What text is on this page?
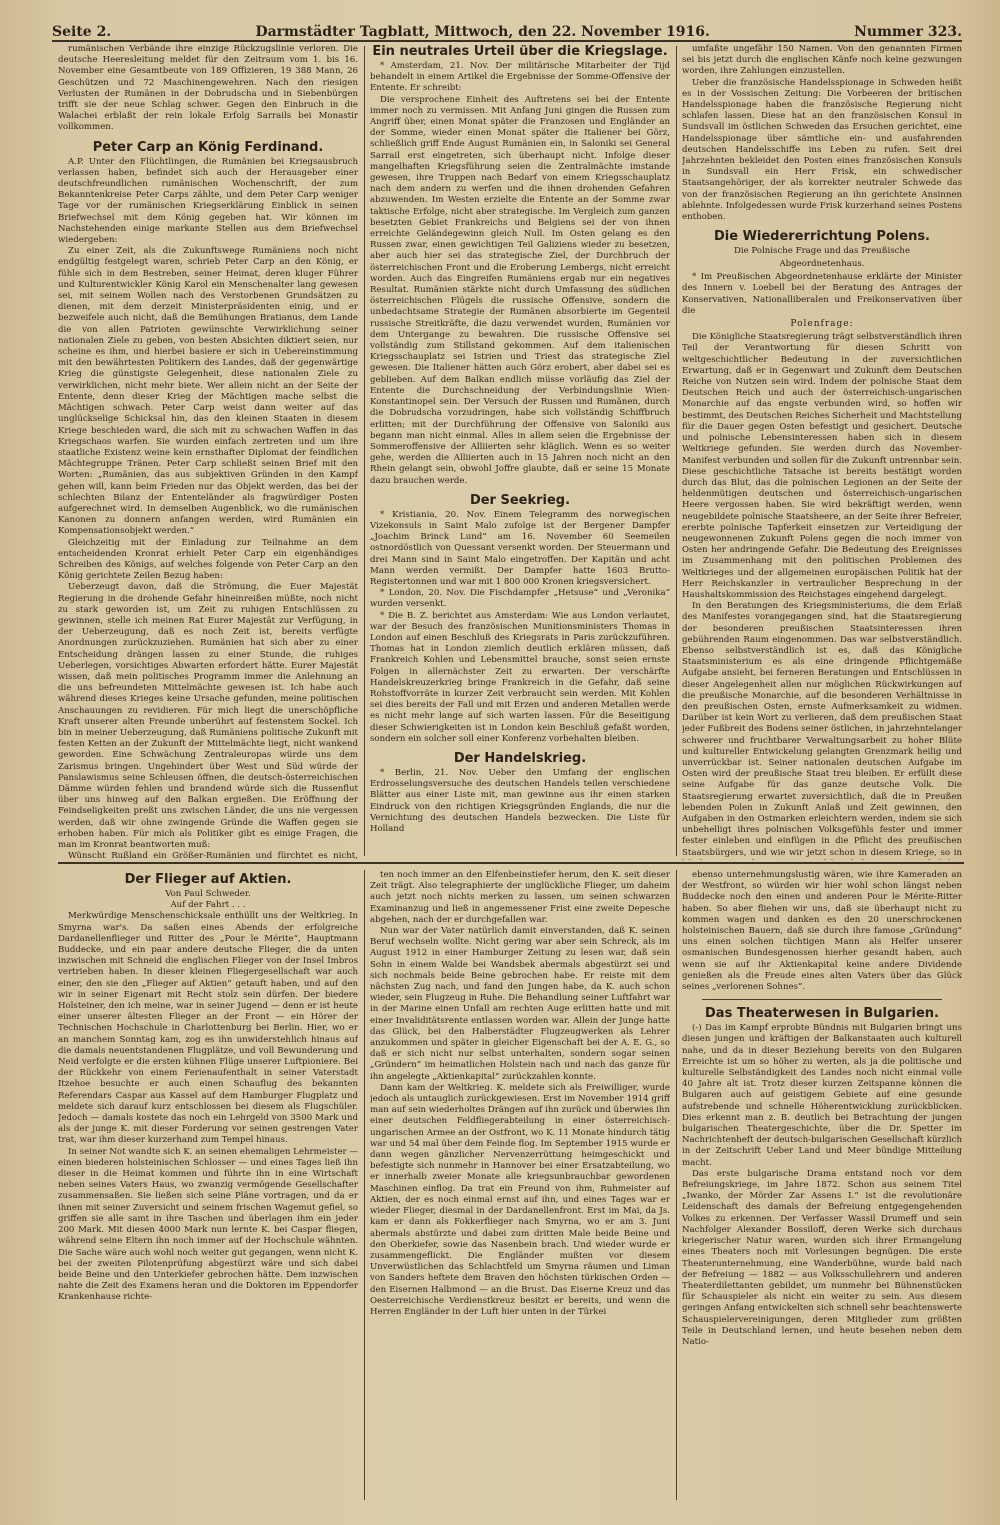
Seite 2.	Darmstädter Tagblatt, Mittwoch, den 22. November 1916.	Nummer 323.

rumänischen Verbände ihre einzige Rückzugslinie verloren. Die deutsche Heeresleitung meldet für den Zeitraum vom 1. bis 16. November eine Gesamtbeute von 189 Offizieren, 19 388 Mann, 26 Geschützen und 72 Maschinengewehren. Nach den riesigen Verlusten der Rumänen in der Dobrudscha und in Siebenbürgen trifft sie der neue Schlag schwer. Gegen den Einbruch in die Walachei erblaßt der rein lokale Erfolg Sarrails bei Monastir vollkommen.

Peter Carp an König Ferdinand.

A.P. Unter den Flüchtlingen, die Rumänien bei Kriegsausbruch verlassen haben, befindet sich auch der Herausgeber einer deutschfreundlichen rumänischen Wochenschrift, der zum Bekanntenkreise Peter Carps zählte, und dem Peter Carp weniger Tage vor der rumänischen Kriegserklärung Einblick in seinen Briefwechsel mit dem König gegeben hat. Wir können im Nachstehenden einige markante Stellen aus dem Briefwechsel wiedergeben:

Zu einer Zeit, als die Zukunftswege Rumäniens noch nicht endgültig festgelegt waren, schrieb Peter Carp an den König, er fühle sich in dem Bestreben, seiner Heimat, deren kluger Führer und Kulturentwickler König Karol ein Menschenalter lang gewesen sei, mit seinem Wollen nach des Verstorbenen Grundsätzen zu dienen, mit dem derzeit Ministerpräsidenten einig, und er bezweifele auch nicht, daß die Bemühungen Bratianus, dem Lande die von allen Patrioten gewünschte Verwirklichung seiner nationalen Ziele zu geben, von besten Absichten diktiert seien, nur scheine es ihm, und hierbei basiere er sich in Uebereinstimmung mit den bewährtesten Politikern des Landes, daß der gegenwärtige Krieg die günstigste Gelegenheit, diese nationalen Ziele zu verwirklichen, nicht mehr biete. Wer allein nicht an der Seite der Entente, denn dieser Krieg der Mächtigen mache selbst die Mächtigen schwach. Peter Carp weist dann weiter auf das unglückselige Schicksal hin, das den kleinen Staaten in diesem Kriege beschieden ward, die sich mit zu schwachen Waffen in das Kriegschaos warfen. Sie wurden einfach zertreten und um ihre staatliche Existenz weine kein ernsthafter Diplomat der feindlichen Mächtegruppe Tränen. Peter Carp schließt seinen Brief mit den Worten: „Rumänien, das aus subjektiven Gründen in den Kampf gehen will, kann beim Frieden nur das Objekt werden, das bei der schlechten Bilanz der Ententeländer als fragwürdiger Posten aufgerechnet wird. In demselben Augenblick, wo die rumänischen Kanonen zu donnern anfangen werden, wird Rumänien ein Kompensationsobjekt werden.“

Gleichzeitig mit der Einladung zur Teilnahme an dem entscheidenden Kronrat erhielt Peter Carp ein eigenhändiges Schreiben des Königs, auf welches folgende von Peter Carp an den König gerichtete Zeilen Bezug haben:

Ueberzeugt davon, daß die Strömung, die Euer Majestät Regierung in die drohende Gefahr hineinreißen müßte, noch nicht zu stark geworden ist, um Zeit zu ruhigen Entschlüssen zu gewinnen, stelle ich meinen Rat Eurer Majestät zur Verfügung, in der Ueberzeugung, daß es noch Zeit ist, bereits verfügte Anordnungen zurückzuziehen. Rumänien hat sich aber zu einer Entscheidung drängen lassen zu einer Stunde, die ruhiges Ueberlegen, vorsichtiges Abwarten erfordert hätte. Eurer Majestät wissen, daß mein politisches Programm immer die Anlehnung an die uns befreundeten Mittelmächte gewesen ist. Ich habe auch während dieses Krieges keine Ursache gefunden, meine politischen Anschauungen zu revidieren. Für mich liegt die unerschöpfliche Kraft unserer alten Freunde unberührt auf festenstem Sockel. Ich bin in meiner Ueberzeugung, daß Rumäniens politische Zukunft mit festen Ketten an der Zukunft der Mittelmächte liegt, nicht wankend geworden. Eine Schwächung Zentraleuropas würde uns dem Zarismus bringen. Ungehindert über West und Süd würde der Panslawismus seine Schleusen öffnen, die deutsch-österreichischen Dämme würden fehlen und brandend würde sich die Russenflut über uns hinweg auf den Balkan ergießen. Die Eröffnung der Feindseligkeiten preßt uns zwischen Länder, die uns nie vergessen werden, daß wir ohne zwingende Gründe die Waffen gegen sie erhoben haben. Für mich als Politiker gibt es einige Fragen, die man im Kronrat beantworten muß:

Wünscht Rußland ein Größer-Rumänien und fürchtet es nicht,

Ein neutrales Urteil über die Kriegslage.

* Amsterdam, 21. Nov. Der militärische Mitarbeiter der Tijd behandelt in einem Artikel die Ergebnisse der Somme-Offensive der Entente. Er schreibt:

Die versprochene Einheit des Auftretens sei bei der Entente immer noch zu vermissen. Mit Anfang Juni gingen die Russen zum Angriff über, einen Monat später die Franzosen und Engländer an der Somme, wieder einen Monat später die Italiener bei Görz, schließlich griff Ende August Rumänien ein, in Saloniki sei General Sarrail erst eingetreten, sich überhaupt nicht. Infolge dieser mangelhaften Kriegsführung seien die Zentralmächte imstande gewesen, ihre Truppen nach Bedarf von einem Kriegsschauplatz nach dem andern zu werfen und die ihnen drohenden Gefahren abzuwenden. Im Westen erzielte die Entente an der Somme zwar taktische Erfolge, nicht aber strategische. Im Vergleich zum ganzen besetzten Gebiet Frankreichs und Belgiens sei der von ihnen erreichte Geländegewinn gleich Null. Im Osten gelang es den Russen zwar, einen gewichtigen Teil Galiziens wieder zu besetzen, aber auch hier sei das strategische Ziel, der Durchbruch der österreichischen Front und die Eroberung Lembergs, nicht erreicht worden. Auch das Eingreifen Rumäniens ergab nur ein negatives Resultat. Rumänien stärkte nicht durch Umfassung des südlichen österreichischen Flügels die russische Offensive, sondern die unbedachtsame Strategie der Rumänen absorbierte im Gegenteil russische Streitkräfte, die dazu verwendet wurden, Rumänien vor dem Untergange zu bewahren. Die russische Offensive sei vollständig zum Stillstand gekommen. Auf dem italienischen Kriegsschauplatz sei Istrien und Triest das strategische Ziel gewesen. Die Italiener hätten auch Görz erobert, aber dabei sei es geblieben. Auf dem Balkan endlich müsse vorläufig das Ziel der Entente die Durchschneidung der Verbindungslinie Wien-Konstantinopel sein. Der Versuch der Russen und Rumänen, durch die Dobrudscha vorzudringen, habe sich vollständig Schiffbruch erlitten; mit der Durchführung der Offensive von Saloniki aus begann man nicht einmal. Alles in allem seien die Ergebnisse der Sommeroffensive der Alliierten sehr kläglich. Wenn es so weiter gehe, werden die Alliierten auch in 15 Jahren noch nicht an den Rhein gelangt sein, obwohl Joffre glaubte, daß er seine 15 Monate dazu brauchen werde.

Der Seekrieg.

* Kristiania, 20. Nov. Einem Telegramm des norwegischen Vizekonsuls in Saint Malo zufolge ist der Bergener Dampfer „Joachim Brinck Lund“ am 16. November 60 Seemeilen ostnordöstlich von Quessant versenkt worden. Der Steuermann und drei Mann sind in Saint Malo eingetroffen. Der Kapitän und acht Mann werden vermißt. Der Dampfer hatte 1603 Brutto-Registertonnen und war mit 1 800 000 Kronen kriegsversichert.

* London, 20. Nov. Die Fischdampfer „Hetsuse“ und „Veronika“ wurden versenkt.

* Die B. Z. berichtet aus Amsterdam: Wie aus London verlautet, war der Besuch des französischen Munitionsministers Thomas in London auf einen Beschluß des Kriegsrats in Paris zurückzuführen. Thomas hat in London ziemlich deutlich erklären müssen, daß Frankreich Kohlen und Lebensmittel brauche, sonst seien ernste Folgen in allernächster Zeit zu erwarten. Der verschärfte Handelskreuzerkrieg bringe Frankreich in die Gefahr, daß seine Rohstoffvorräte in kurzer Zeit verbraucht sein werden. Mit Kohlen sei dies bereits der Fall und mit Erzen und anderen Metallen werde es nicht mehr lange auf sich warten lassen. Für die Beseitigung dieser Schwierigkeiten ist in London kein Beschluß gefaßt worden, sondern ein solcher soll einer Konferenz vorbehalten bleiben.

Der Handelskrieg.

* Berlin, 21. Nov. Ueber den Umfang der englischen Erdrosselungsversuche des deutschen Handels teilen verschiedene Blätter aus einer Liste mit, man gewinne aus ihr einen starken Eindruck von den richtigen Kriegsgründen Englands, die nur die Vernichtung des deutschen Handels bezwecken. Die Liste für Holland

umfaßte ungefähr 150 Namen. Von den genannten Firmen sei bis jetzt durch die englischen Känfe noch keine gezwungen worden, ihre Zahlungen einzustellen.

Ueber die französische Handelsspionage in Schweden heißt es in der Vossischen Zeitung: Die Vorbeeren der britischen Handelsspionage haben die französische Regierung nicht schlafen lassen. Diese hat an den französischen Konsul in Sundsvall im östlichen Schweden das Ersuchen gerichtet, eine Handelsspionage über sämtliche ein- und ausfahrenden deutschen Handelsschiffe ins Leben zu rufen. Seit drei Jahrzehnten bekleidet den Posten eines französischen Konsuls in Sundsvall ein Herr Frisk, ein schwedischer Staatsangehöriger, der als korrekter neutraler Schwede das von der französischen Regierung an ihn gerichtete Ansinnen ablehnte. Infolgedessen wurde Frisk kurzerhand seines Postens enthoben.

Die Wiedererrichtung Polens.
Die Polnische Frage und das Preußische
Abgeordnetenhaus.

* Im Preußischen Abgeordnetenhause erklärte der Minister des Innern v. Loebell bei der Beratung des Antrages der Konservativen, Nationalliberalen und Freikonservativen über die

Polenfrage:

Die Königliche Staatsregierung trägt selbstverständlich ihren Teil der Verantwortung für diesen Schritt von weltgeschichtlicher Bedeutung in der zuversichtlichen Erwartung, daß er in Gegenwart und Zukunft dem Deutschen Reiche von Nutzen sein wird. Indem der polnische Staat dem Deutschen Reich und auch der österreichisch-ungarischen Monarchie auf das engste verbunden wird, so hoffen wir bestimmt, des Deutschen Reiches Sicherheit und Machtstellung für die Dauer gegen Osten befestigt und gesichert. Deutsche und polnische Lebensinteressen haben sich in diesem Weltkriege gefunden. Sie werden durch das November-Manifest verbunden und sollen für die Zukunft untrennbar sein. Diese geschichtliche Tatsache ist bereits bestätigt worden durch das Blut, das die polnischen Legionen an der Seite der heldenmütigen deutschen und österreichisch-ungarischen Heere vergossen haben. Sie wird bekräftigt werden, wenn neugebildete polnische Staatsheere, an der Seite ihrer Befreier, ererbte polnische Tapferkeit einsetzen zur Verteidigung der neugewonnenen Zukunft Polens gegen die noch immer von Osten her andringende Gefahr. Die Bedeutung des Ereignisses im Zusammenhang mit den politischen Problemen des Weltkrieges und der allgemeinen europäischen Politik hat der Herr Reichskanzler in vertraulicher Besprechung in der Haushaltskommission des Reichstages eingehend dargelegt.

In den Beratungen des Kriegsministeriums, die dem Erlaß des Manifestes vorangegangen sind, hat die Staatsregierung der besonderen preußischen Staatsinteressen ihren gebührenden Raum eingenommen. Das war selbstverständlich. Ebenso selbstverständlich ist es, daß das Königliche Staatsministerium es als eine dringende Pflichtgemäße Aufgabe ansieht, bei ferneren Beratungen und Entschlüssen in dieser Angelegenheit allen nur möglichen Rückwirkungen auf die preußische Monarchie, auf die besonderen Verhältnisse in den preußischen Osten, ernste Aufmerksamkeit zu widmen. Darüber ist kein Wort zu verlieren, daß dem preußischen Staat jeder Fußbreit des Bodens seiner östlichen, in jahrzehntelanger schwerer und fruchtbarer Verwaltungsarbeit zu hoher Blüte und kultureller Entwickelung gelangten Grenzmark heilig und unverrückbar ist. Seiner nationalen deutschen Aufgabe im Osten wird der preußische Staat treu bleiben. Er erfüllt diese seine Aufgabe für das ganze deutsche Volk. Die Staatsregierung erwartet zuversichtlich, daß die in Preußen lebenden Polen in Zukunft Anlaß und Zeit gewinnen, den Aufgaben in den Ostmarken erleichtern werden, indem sie sich unbehelligt ihres polnischen Volksgefühls fester und immer fester einleben und einfügen in die Pflicht des preußischen Staatsbürgers, und wie wir jetzt schon in diesem Kriege, so in

Der Flieger auf Aktien.
Von Paul Schweder.
Auf der Fahrt . . .

Merkwürdige Menschenschicksale enthüllt uns der Weltkrieg. In Smyrna war's. Da saßen eines Abends der erfolgreiche Dardanellenflieger und Ritter des „Pour le Mérite“, Hauptmann Buddecke, und ein paar andere deutsche Flieger, die da unten inzwischen mit Schneid die englischen Flieger von der Insel Imbros vertrieben haben. In dieser kleinen Fliegergesellschaft war auch einer, den sie den „Flieger auf Aktien“ getauft haben, und auf den wir in seiner Eigenart mit Recht stolz sein dürfen. Der biedere Holsteiner, den ich meine, war in seiner Jugend — denn er ist heute einer unserer ältesten Flieger an der Front — ein Hörer der Technischen Hochschule in Charlottenburg bei Berlin. Hier, wo er an manchem Sonntag kam, zog es ihn unwiderstehlich hinaus auf die damals neuentstandenen Flugplätze, und voll Bewunderung und Neid verfolgte er die ersten kühnen Flüge unserer Luftpioniere. Bei der Rückkehr von einem Ferienaufenthalt in seiner Vaterstadt Itzehoe besuchte er auch einen Schauflug des bekannten Referendars Caspar aus Kassel auf dem Hamburger Flugplatz und meldete sich darauf kurz entschlossen bei diesem als Flugschüler. Jedoch — damals kostete das noch ein Lehrgeld von 3500 Mark und als der junge K. mit dieser Forderung vor seinen gestrengen Vater trat, war ihm dieser kurzerhand zum Tempel hinaus.

In seiner Not wandte sich K. an seinen ehemaligen Lehrmeister — einen biederen holsteinischen Schlosser — und eines Tages ließ ihn dieser in die Heimat kommen und führte ihn in eine Wirtschaft neben seines Vaters Haus, wo zwanzig vermögende Gesellschafter zusammensaßen. Sie ließen sich seine Pläne vortragen, und da er ihnen mit seiner Zuversicht und seinem frischen Wagemut gefiel, so griffen sie alle samt in ihre Taschen und überlagen ihm ein jeder 200 Mark. Mit diesen 4000 Mark nun lernte K. bei Caspar fliegen, während seine Eltern ihn noch immer auf der Hochschule wähnten. Die Sache wäre auch wohl noch weiter gut gegangen, wenn nicht K. bei der zweiten Pilotenprüfung abgestürzt wäre und sich dabei beide Beine und den Unterkiefer gebrochen hätte. Dem inzwischen nahte die Zeit des Examens heran und die Doktoren im Eppendorfer Krankenhause richte-

ten noch immer an den Elfenbeinstiefer herum, den K. seit dieser Zeit trägt. Also telegraphierte der unglückliche Flieger, um daheim auch jetzt noch nichts merken zu lassen, um seinen schwarzen Examinanzug und ließ in angemessener Frist eine zweite Depesche abgehen, nach der er durchgefallen war.

Nun war der Vater natürlich damit einverstanden, daß K. seinen Beruf wechseln wollte. Nicht gering war aber sein Schreck, als im August 1912 in einer Hamburger Zeitung zu lesen war, daß sein Sohn in einem Walde bei Wandsbek abermals abgestürzt sei und sich nochmals beide Beine gebrochen habe. Er reiste mit dem nächsten Zug nach, und fand den Jungen habe, da K. auch schon wieder, sein Flugzeug in Ruhe. Die Behandlung seiner Luftfahrt war in der Marine einen Unfall am rechten Auge erlitten hatte und mit einer Invaliditätsrente entlassen worden war. Allein der Junge hatte das Glück, bei den Halberstädter Flugzeugwerken als Lehrer anzukommen und später in gleicher Eigenschaft bei der A. E. G., so daß er sich nicht nur selbst unterhalten, sondern sogar seinen „Gründern“ im heimatlichen Holstein nach und nach das ganze für ihn angelegte „Aktienkapital“ zurückzahlen konnte.

Dann kam der Weltkrieg. K. meldete sich als Freiwilliger, wurde jedoch als untauglich zurückgewiesen. Erst im November 1914 griff man auf sein wiederholtes Drängen auf ihn zurück und überwies ihn einer deutschen Feldfliegerabteilung in einer österreichisch-ungarischen Armee an der Ostfront, wo K. 11 Monate hindurch tätig war und 54 mal über dem Feinde flog. Im September 1915 wurde er dann wegen gänzlicher Nervenzerrüttung heimgeschickt und befestigte sich nunmehr in Hannover bei einer Ersatzabteilung, wo er innerhalb zweier Monate alle kriegsunbrauchbar gewordenen Maschinen einflog. Da trat ein Freund von ihm, Ruhmeister auf Aktien, der es noch einmal ernst auf ihn, und eines Tages war er wieder Flieger, diesmal in der Dardanellenfront. Erst im Mai, da Js. kam er dann als Fokkerflieger nach Smyrna, wo er am 3. Juni abermals abstürzte und dabei zum dritten Male beide Beine und den Oberkiefer, sowie das Nasenbein brach. Und wieder wurde er zusammengeflickt. Die Engländer mußten vor diesem Unverwüstlichen das Schlachtfeld um Smyrna räumen und Liman von Sanders heftete dem Braven den höchsten türkischen Orden — den Eisernen Halbmond — an die Brust. Das Eiserne Kreuz und das Oesterreichische Verdienstkreuz besitzt er bereits, und wenn die Herren Engländer in der Luft hier unten in der Türkei

ebenso unternehmungslustig wären, wie ihre Kameraden an der Westfront, so würden wir hier wohl schon längst neben Buddecke noch den einen und anderen Pour le Mérite-Ritter haben. So aber fliehen wir uns, daß sie überhaupt nicht zu kommen wagen und danken es den 20 unerschrockenen holsteinischen Bauern, daß sie durch ihre famose „Gründung“ uns einen solchen tüchtigen Mann als Helfer unserer osmanischen Bundesgenossen hierher gesandt haben, auch wenn sie auf ihr Aktienkapital keine andere Dividende genießen als die Freude eines alten Vaters über das Glück seines „verlorenen Sohnes“.

Das Theaterwesen in Bulgarien.

(-) Das im Kampf erprobte Bündnis mit Bulgarien bringt uns diesen jungen und kräftigen der Balkanstaaten auch kulturell nahe, und da in dieser Beziehung bereits von den Bulgaren Erreichte ist um so höher zu werten, als ja die politische und kulturelle Selbständigkeit des Landes noch nicht einmal volle 40 Jahre alt ist. Trotz dieser kurzen Zeitspanne können die Bulgaren auch auf geistigem Gebiete auf eine gesunde aufstrebende und schnelle Höherentwicklung zurückblicken. Dies erkennt man z. B. deutlich bei Betrachtung der jungen bulgarischen Theatergeschichte, über die Dr. Spetter im Nachrichtenheft der deutsch-bulgarischen Gesellschaft kürzlich in der Zeitschrift Ueber Land und Meer bündige Mitteilung macht.

Das erste bulgarische Drama entstand noch vor dem Befreiungskriege, im Jahre 1872. Schon aus seinem Titel „Iwanko, der Mörder Zar Assens I.“ ist die revolutionäre Leidenschaft des damals der Befreiung entgegengehenden Volkes zu erkennen. Der Verfasser Wassil Drumeff und sein Nachfolger Alexander Bossiloff, deren Werke sich durchaus kriegerischer Natur waren, wurden sich ihrer Ermangelung eines Theaters noch mit Vorlesungen begnügen. Die erste Theaterunternehmung, eine Wanderbühne, wurde bald nach der Befreiung — 1882 — aus Volksschullehrern und anderen Theaterdilettanten gebildet, um nunmehr bei Bühnenstücken für Schauspieler als nicht ein weiter zu sein. Aus diesem geringen Anfang entwickelten sich schnell sehr beachtenswerte Schauspielervereinigungen, deren Mitglieder zum größten Teile in Deutschland lernen, und heute besehen neben dem Natio-
